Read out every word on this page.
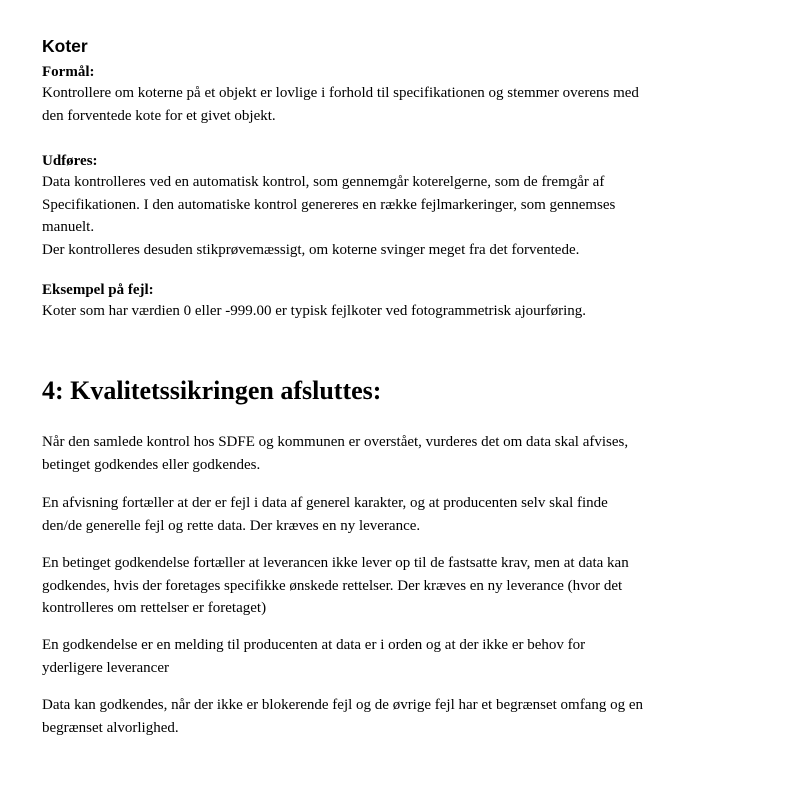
Koter

Formål:

Kontrollere om koterne på et objekt er lovlige i forhold til specifikationen og stemmer overens med
den forventede kote for et givet objekt.

Udføres:

Data kontrolleres ved en automatisk kontrol, som gennemgår koterelgerne, som de fremgår af
Specifikationen. I den automatiske kontrol genereres en række fejlmarkeringer, som gennemses
manuelt.
Der kontrolleres desuden stikprøvemæssigt, om koterne svinger meget fra det forventede.

Eksempel på fejl:

Koter som har værdien 0 eller -999.00 er typisk fejlkoter ved fotogrammetrisk ajourføring.

4: Kvalitetssikringen afsluttes:

Når den samlede kontrol hos SDFE og kommunen er overstået, vurderes det om data skal afvises,
betinget godkendes eller godkendes.

En afvisning fortæller at der er fejl i data af generel karakter, og at producenten selv skal finde
den/de generelle fejl og rette data. Der kræves en ny leverance.

En betinget godkendelse fortæller at leverancen ikke lever op til de fastsatte krav, men at data kan
godkendes, hvis der foretages specifikke ønskede rettelser. Der kræves en ny leverance (hvor det
kontrolleres om rettelser er foretaget)

En godkendelse er en melding til producenten at data er i orden og at der ikke er behov for
yderligere leverancer

Data kan godkendes, når der ikke er blokerende fejl og de øvrige fejl har et begrænset omfang og en
begrænset alvorlighed.
